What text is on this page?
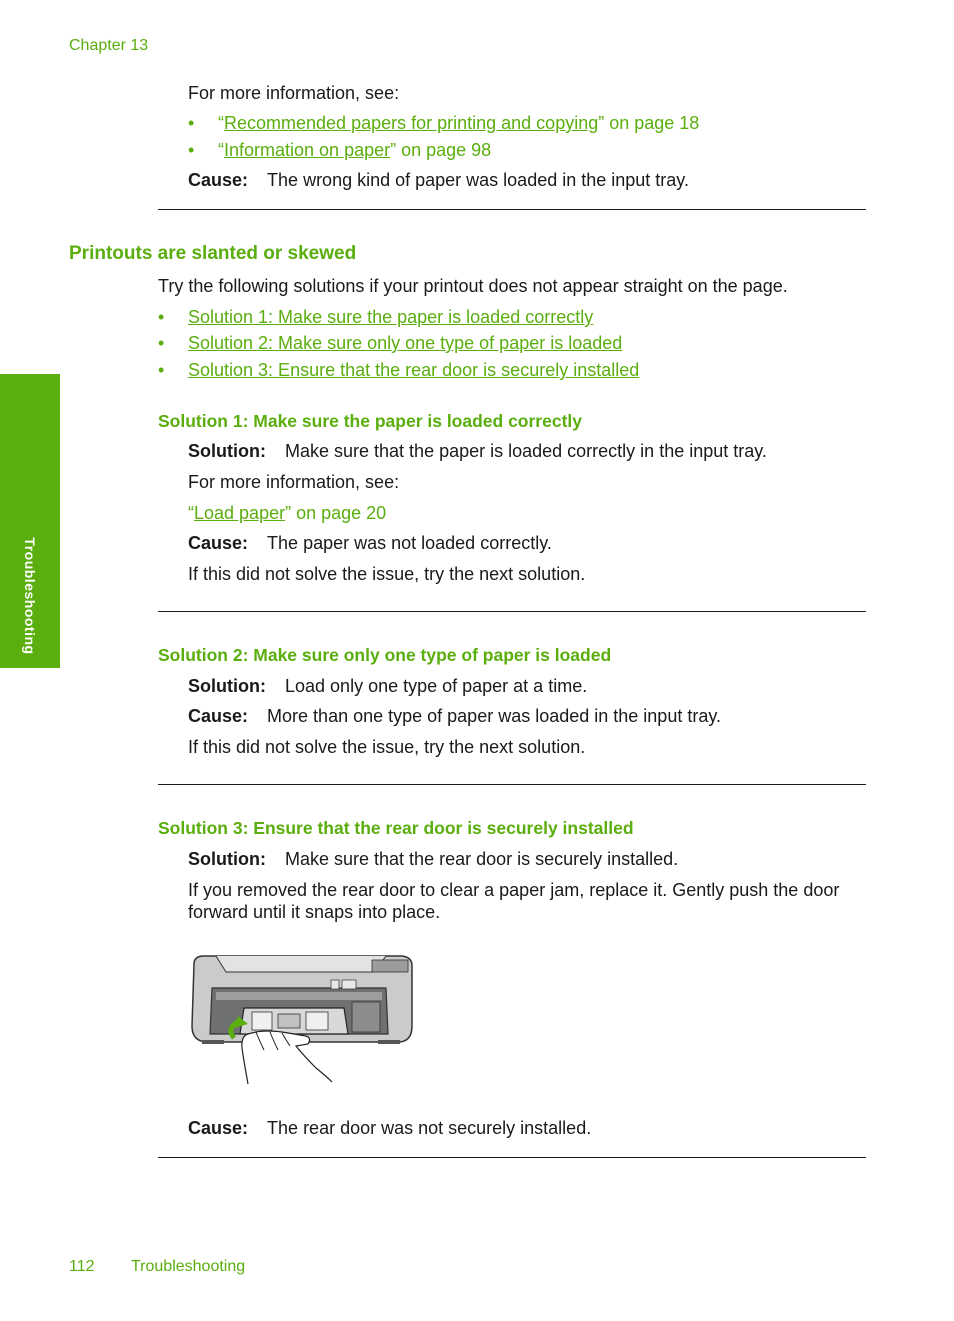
Chapter 13
Troubleshooting
For more information, see:
• “Recommended papers for printing and copying” on page 18
• “Information on paper” on page 98
Cause: The wrong kind of paper was loaded in the input tray.
Printouts are slanted or skewed
Try the following solutions if your printout does not appear straight on the page.
• Solution 1: Make sure the paper is loaded correctly
• Solution 2: Make sure only one type of paper is loaded
• Solution 3: Ensure that the rear door is securely installed
Solution 1: Make sure the paper is loaded correctly
Solution: Make sure that the paper is loaded correctly in the input tray.
For more information, see:
“Load paper” on page 20
Cause: The paper was not loaded correctly.
If this did not solve the issue, try the next solution.
Solution 2: Make sure only one type of paper is loaded
Solution: Load only one type of paper at a time.
Cause: More than one type of paper was loaded in the input tray.
If this did not solve the issue, try the next solution.
Solution 3: Ensure that the rear door is securely installed
Solution: Make sure that the rear door is securely installed.
If you removed the rear door to clear a paper jam, replace it. Gently push the door
forward until it snaps into place.
Cause: The rear door was not securely installed.
112 Troubleshooting
